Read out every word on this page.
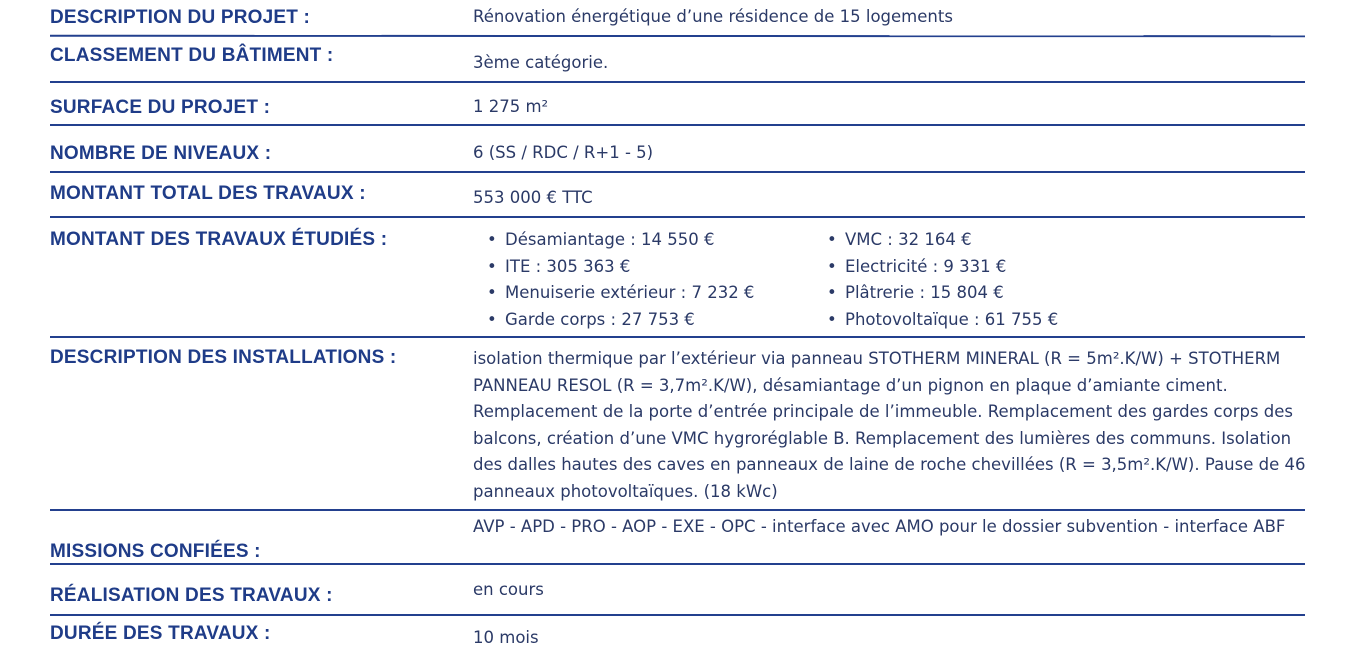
DESCRIPTION DU PROJET :	Rénovation énergétique d’une résidence de 15 logements
CLASSEMENT DU BÂTIMENT :	3ème catégorie.
SURFACE DU PROJET :	1 275 m²
NOMBRE DE NIVEAUX :	6 (SS / RDC / R+1 - 5)
MONTANT TOTAL DES TRAVAUX :	553 000 € TTC
MONTANT DES TRAVAUX ÉTUDIÉS :
•	Désamiantage : 14 550 €
• ITE : 305 363 €
• Menuiserie extérieur : 7 232 €
• Garde corps : 27 753 €
• VMC : 32 164 €
• Electricité : 9 331 €
• Plâtrerie : 15 804 €
• Photovoltaïque : 61 755 €
DESCRIPTION DES INSTALLATIONS :	isolation thermique par l’extérieur via panneau STOTHERM MINERAL (R = 5m².K/W) + STOTHERM PANNEAU RESOL (R = 3,7m².K/W), désamiantage d’un pignon en plaque d’amiante ciment. Remplacement de la porte d’entrée principale de l’immeuble. Remplacement des gardes corps des balcons, création d’une VMC hygroréglable B. Remplacement des lumières des communs. Isolation des dalles hautes des caves en panneaux de laine de roche chevillées (R = 3,5m².K/W). Pause de 46 panneaux photovoltaïques. (18 kWc)
AVP - APD - PRO - AOP - EXE - OPC - interface avec AMO pour le dossier subvention - interface ABF
MISSIONS CONFIÉES :
en cours
RÉALISATION DES TRAVAUX :
DURÉE DES TRAVAUX :	10 mois
